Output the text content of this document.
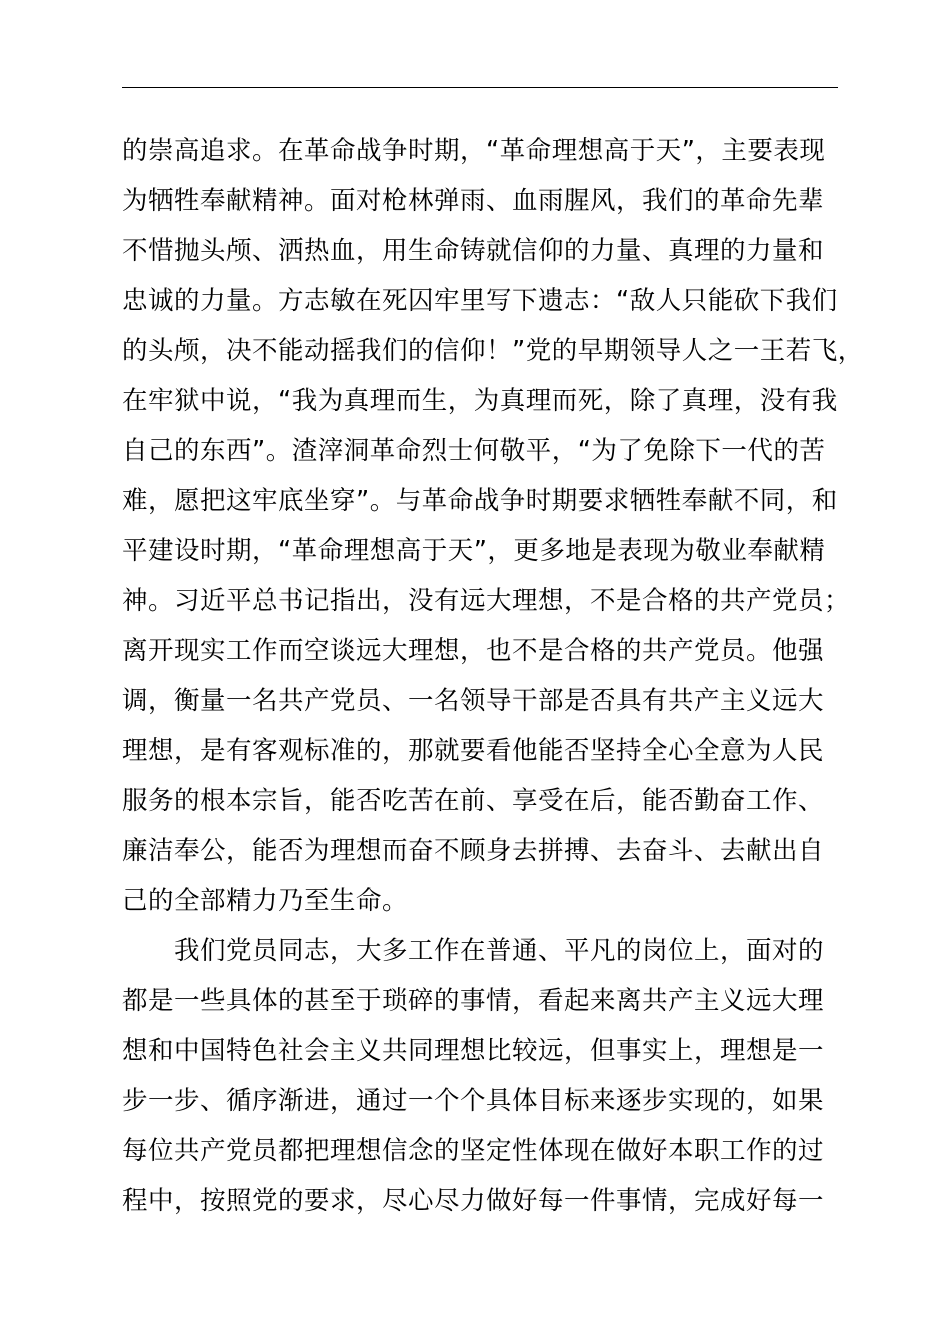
的崇高追求。在革命战争时期，“革命理想高于天”，主要表现
为牺牲奉献精神。面对枪林弹雨、血雨腥风，我们的革命先辈
不惜抛头颅、洒热血，用生命铸就信仰的力量、真理的力量和
忠诚的力量。方志敏在死囚牢里写下遗志：“敌人只能砍下我们
的头颅，决不能动摇我们的信仰！”党的早期领导人之一王若飞，
在牢狱中说，“我为真理而生，为真理而死，除了真理，没有我
自己的东西”。渣滓洞革命烈士何敬平，“为了免除下一代的苦
难，愿把这牢底坐穿”。与革命战争时期要求牺牲奉献不同，和
平建设时期，“革命理想高于天”，更多地是表现为敬业奉献精
神。习近平总书记指出，没有远大理想，不是合格的共产党员；
离开现实工作而空谈远大理想，也不是合格的共产党员。他强
调，衡量一名共产党员、一名领导干部是否具有共产主义远大
理想，是有客观标准的，那就要看他能否坚持全心全意为人民
服务的根本宗旨，能否吃苦在前、享受在后，能否勤奋工作、
廉洁奉公，能否为理想而奋不顾身去拼搏、去奋斗、去献出自
己的全部精力乃至生命。
我们党员同志，大多工作在普通、平凡的岗位上，面对的
都是一些具体的甚至于琐碎的事情，看起来离共产主义远大理
想和中国特色社会主义共同理想比较远，但事实上，理想是一
步一步、循序渐进，通过一个个具体目标来逐步实现的，如果
每位共产党员都把理想信念的坚定性体现在做好本职工作的过
程中，按照党的要求，尽心尽力做好每一件事情，完成好每一
